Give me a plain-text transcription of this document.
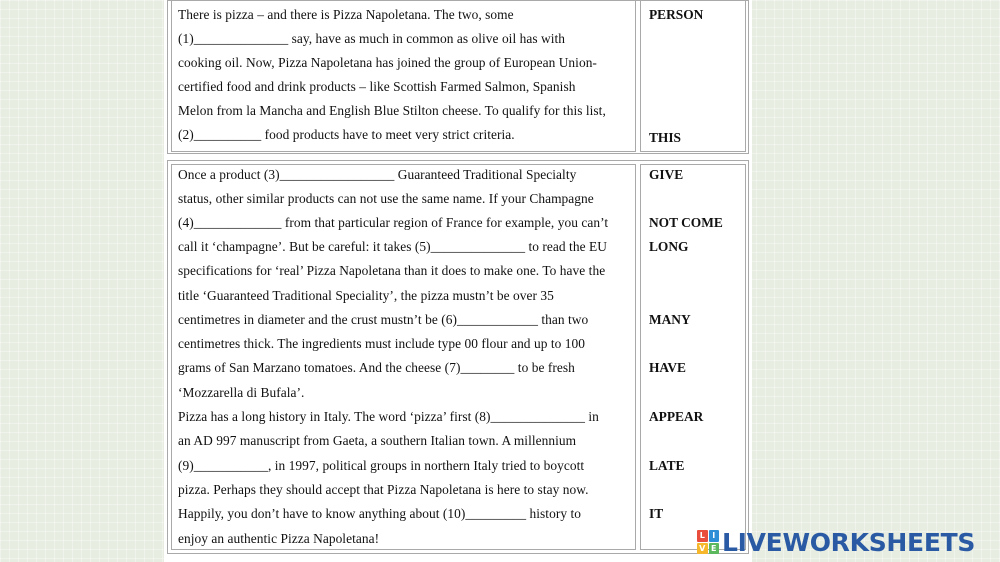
There is pizza – and there is Pizza Napoletana. The two, some
(1)______________ say, have as much in common as olive oil has with
cooking oil. Now, Pizza Napoletana has joined the group of European Union-
certified food and drink products – like Scottish Farmed Salmon, Spanish
Melon from la Mancha and English Blue Stilton cheese. To qualify for this list,
(2)__________ food products have to meet very strict criteria.
PERSON
THIS
Once a product (3)_________________ Guaranteed Traditional Specialty
status, other similar products can not use the same name. If your Champagne
(4)_____________ from that particular region of France for example, you can’t
call it ‘champagne’. But be careful: it takes (5)______________ to read the EU
specifications for ‘real’ Pizza Napoletana than it does to make one. To have the
title ‘Guaranteed Traditional Speciality’, the pizza mustn’t be over 35
centimetres in diameter and the crust mustn’t be (6)____________ than two
centimetres thick. The ingredients must include type 00 flour and up to 100
grams of San Marzano tomatoes. And the cheese (7)________ to be fresh
‘Mozzarella di Bufala’.
Pizza has a long history in Italy. The word ‘pizza’ first (8)______________ in
an AD 997 manuscript from Gaeta, a southern Italian town. A millennium
(9)___________, in 1997, political groups in northern Italy tried to boycott
pizza. Perhaps they should accept that Pizza Napoletana is here to stay now.
Happily, you don’t have to know anything about (10)_________ history to
enjoy an authentic Pizza Napoletana!
GIVE
NOT COME
LONG
MANY
HAVE
APPEAR
LATE
IT
L I
V E LIVEWORKSHEETS
